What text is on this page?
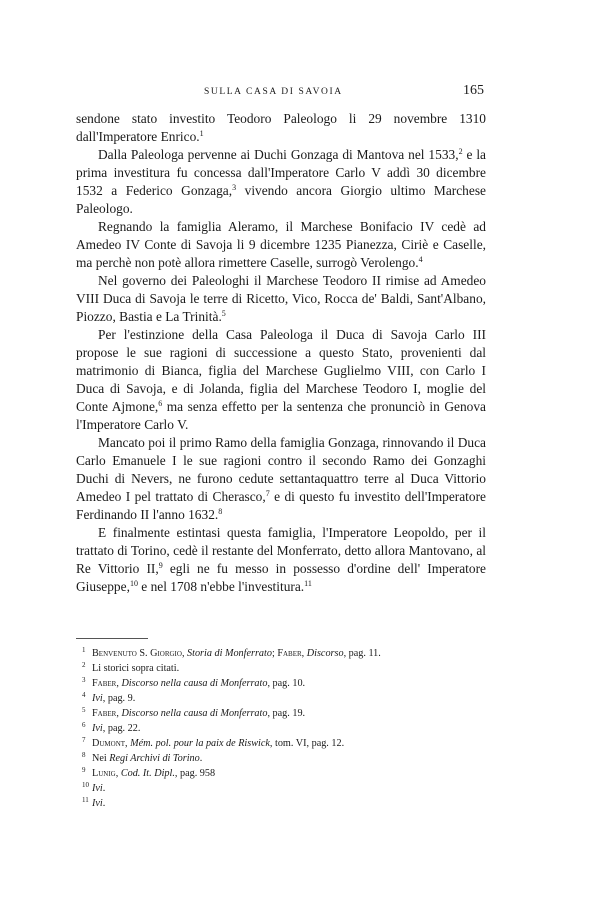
SULLA CASA DI SAVOIA	165

sendone stato investito Teodoro Paleologo li 29 novembre 1310 dall'Imperatore Enrico.$^1$

Dalla Paleologa pervenne ai Duchi Gonzaga di Mantova nel 1533,$^2$ e la prima investitura fu concessa dall'Imperatore Carlo V addì 30 dicembre 1532 a Federico Gonzaga,$^3$ vivendo ancora Giorgio ultimo Marchese Paleologo.

Regnando la famiglia Aleramo, il Marchese Bonifacio IV cedè ad Amedeo IV Conte di Savoja li 9 dicembre 1235 Pianezza, Ciriè e Caselle, ma perchè non potè allora rimettere Caselle, surrogò Verolengo.$^4$

Nel governo dei Paleologhi il Marchese Teodoro II rimise ad Amedeo VIII Duca di Savoja le terre di Ricetto, Vico, Rocca de' Baldi, Sant'Albano, Piozzo, Bastia e La Trinità.$^5$

Per l'estinzione della Casa Paleologa il Duca di Savoja Carlo III propose le sue ragioni di successione a questo Stato, provenienti dal matrimonio di Bianca, figlia del Marchese Guglielmo VIII, con Carlo I Duca di Savoja, e di Jolanda, figlia del Marchese Teodoro I, moglie del Conte Ajmone,$^6$ ma senza effetto per la sentenza che pronunciò in Genova l'Imperatore Carlo V.

Mancato poi il primo Ramo della famiglia Gonzaga, rinnovando il Duca Carlo Emanuele I le sue ragioni contro il secondo Ramo dei Gonzaghi Duchi di Nevers, ne furono cedute settantaquattro terre al Duca Vittorio Amedeo I pel trattato di Cherasco,$^7$ e di questo fu investito dell'Imperatore Ferdinando II l'anno 1632.$^8$

E finalmente estintasi questa famiglia, l'Imperatore Leopoldo, per il trattato di Torino, cedè il restante del Monferrato, detto allora Mantovano, al Re Vittorio II,$^9$ egli ne fu messo in possesso d'ordine dell' Imperatore Giuseppe,$^{10}$ e nel 1708 n'ebbe l'investitura.$^{11}$

1 Benvenuto S. Giorgio, Storia di Monferrato; Faber, Discorso, pag. 11.
2 Li storici sopra citati.
3 Faber, Discorso nella causa di Monferrato, pag. 10.
4 Ivi, pag. 9.
5 Faber, Discorso nella causa di Monferrato, pag. 19.
6 Ivi, pag. 22.
7 Dumont, Mém. pol. pour la paix de Riswick, tom. VI, pag. 12.
8 Nei Regi Archivi di Torino.
9 Lunig, Cod. It. Dipl., pag. 958
10 Ivi.
11 Ivi.
